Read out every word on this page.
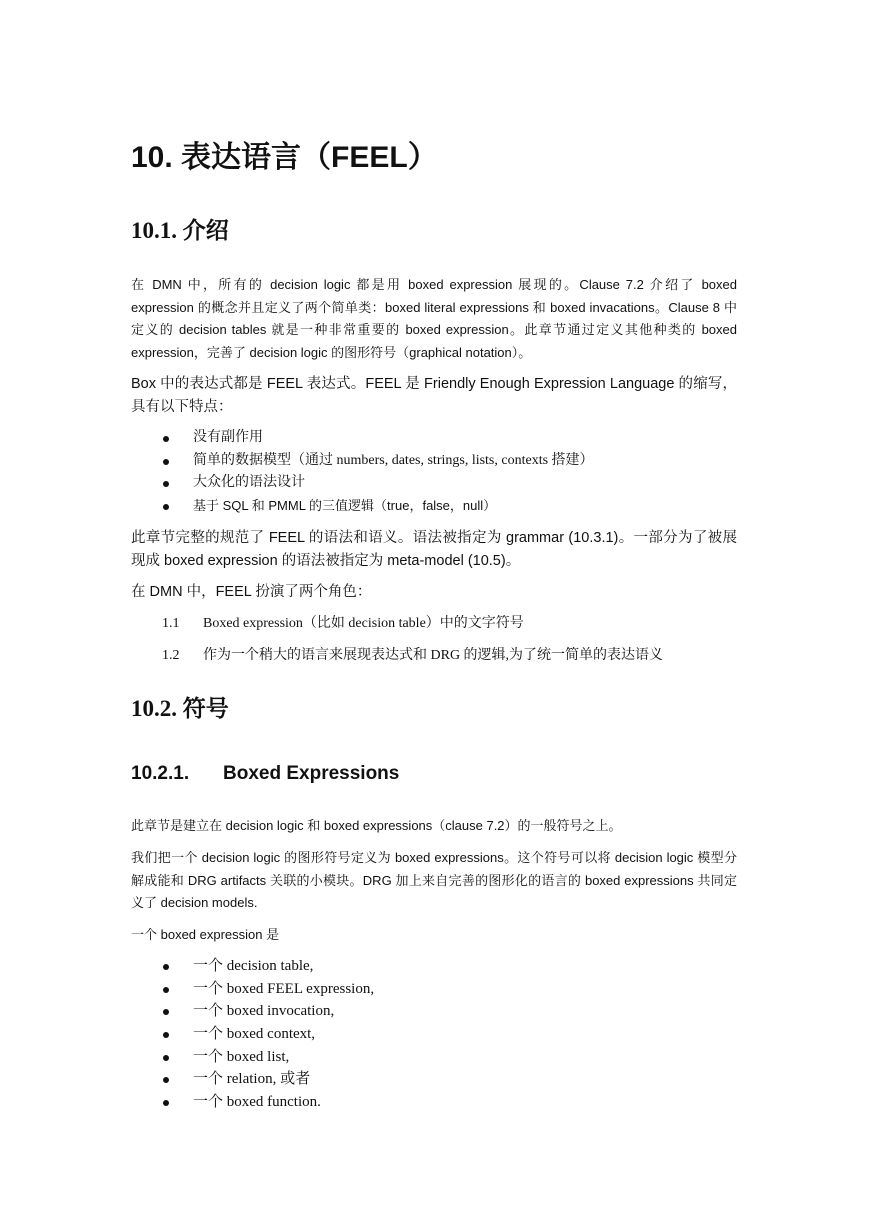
10. 表达语言（FEEL）
10.1. 介绍
在 DMN 中，所有的 decision logic 都是用 boxed expression 展现的。Clause 7.2 介绍了 boxed expression 的概念并且定义了两个简单类：boxed literal expressions 和 boxed invacations。Clause 8 中定义的 decision tables 就是一种非常重要的 boxed expression。此章节通过定义其他种类的 boxed expression，完善了 decision logic 的图形符号（graphical notation）。
Box 中的表达式都是 FEEL 表达式。FEEL 是 Friendly Enough Expression Language 的缩写，具有以下特点：
没有副作用
简单的数据模型（通过 numbers, dates, strings, lists, contexts 搭建）
大众化的语法设计
基于 SQL 和 PMML 的三值逻辑（true，false，null）
此章节完整的规范了 FEEL 的语法和语义。语法被指定为 grammar (10.3.1)。一部分为了被展现成 boxed expression 的语法被指定为 meta-model (10.5)。
在 DMN 中，FEEL 扮演了两个角色：
1.1 Boxed expression（比如 decision table）中的文字符号
1.2 作为一个稍大的语言来展现表达式和 DRG 的逻辑,为了统一简单的表达语义
10.2. 符号
10.2.1. Boxed Expressions
此章节是建立在 decision logic 和 boxed expressions（clause 7.2）的一般符号之上。
我们把一个 decision logic 的图形符号定义为 boxed expressions。这个符号可以将 decision logic 模型分解成能和 DRG artifacts 关联的小模块。DRG 加上来自完善的图形化的语言的 boxed expressions 共同定义了 decision models.
一个 boxed expression 是
一个 decision table,
一个 boxed FEEL expression,
一个 boxed invocation,
一个 boxed context,
一个 boxed list,
一个 relation, 或者
一个 boxed function.
